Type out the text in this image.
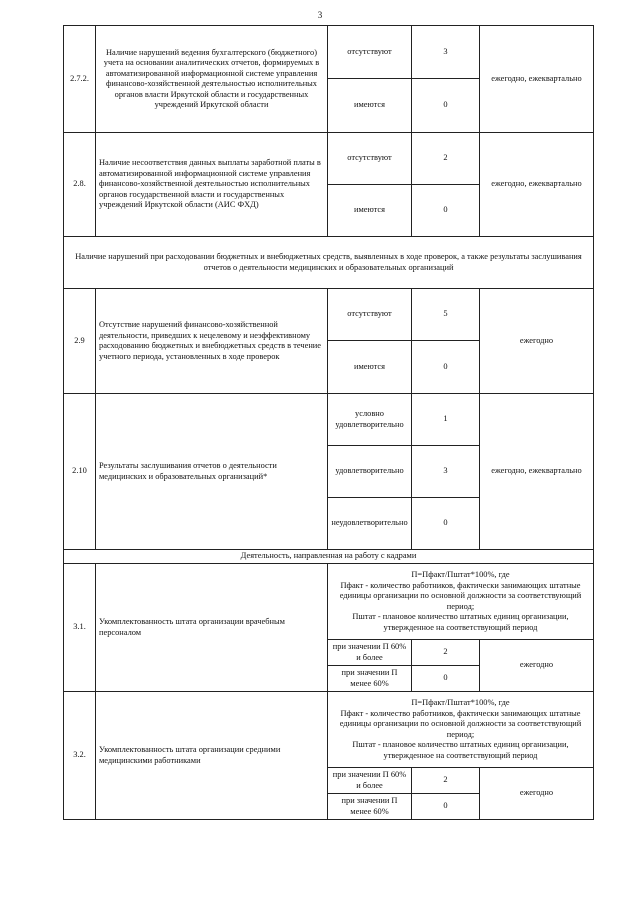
3
2.7.2.	Наличие нарушений ведения бухгалтерского (бюджетного) учета на основании аналитических отчетов, формируемых в автоматизированной информационной системе управления финансово-хозяйственной деятельностью исполнительных органов власти Иркутской области и государственных учреждений Иркутской области	отсутствуют	3	ежегодно, ежеквартально
		имеются	0	
2.8.	Наличие несоответствия данных выплаты заработной платы в автоматизированной информационной системе управления финансово-хозяйственной деятельностью исполнительных органов государственной власти и государственных учреждений Иркутской области (АИС ФХД)	отсутствуют	2	ежегодно, ежеквартально
		имеются	0	
Наличие нарушений при расходовании бюджетных и внебюджетных средств, выявленных в ходе проверок, а также результаты заслушивания отчетов о деятельности медицинских и образовательных организаций				
2.9	Отсутствие нарушений финансово-хозяйственной деятельности, приведших к нецелевому и неэффективному расходованию бюджетных и внебюджетных средств в течение учетного периода, установленных в ходе проверок	отсутствуют	5	ежегодно
		имеются	0	
2.10	Результаты заслушивания отчетов о деятельности медицинских и образовательных организаций*	условно удовлетворительно	1	ежегодно, ежеквартально
		удовлетворительно	3	
		неудовлетворительно	0	
Деятельность, направленная на работу с кадрами				
3.1.	Укомплектованность штата организации врачебным персоналом	П=Пфакт/Пштат*100%, где
Пфакт - количество работников, фактически занимающих штатные единицы организации по основной должности за соответствующий период;
Пштат - плановое количество штатных единиц организации, утвержденное на соответствующий период		

		при значении П 60% и более	2	ежегодно
		при значении П менее 60%	0	
3.2.	Укомплектованность штата организации средними медицинскими работниками	П=Пфакт/Пштат*100%, где
Пфакт - количество работников, фактически занимающих штатные единицы организации по основной должности за соответствующий период;
Пштат - плановое количество штатных единиц организации, утвержденное на соответствующий период		

		при значении П 60% и более	2	ежегодно
		при значении П менее 60%	0	
